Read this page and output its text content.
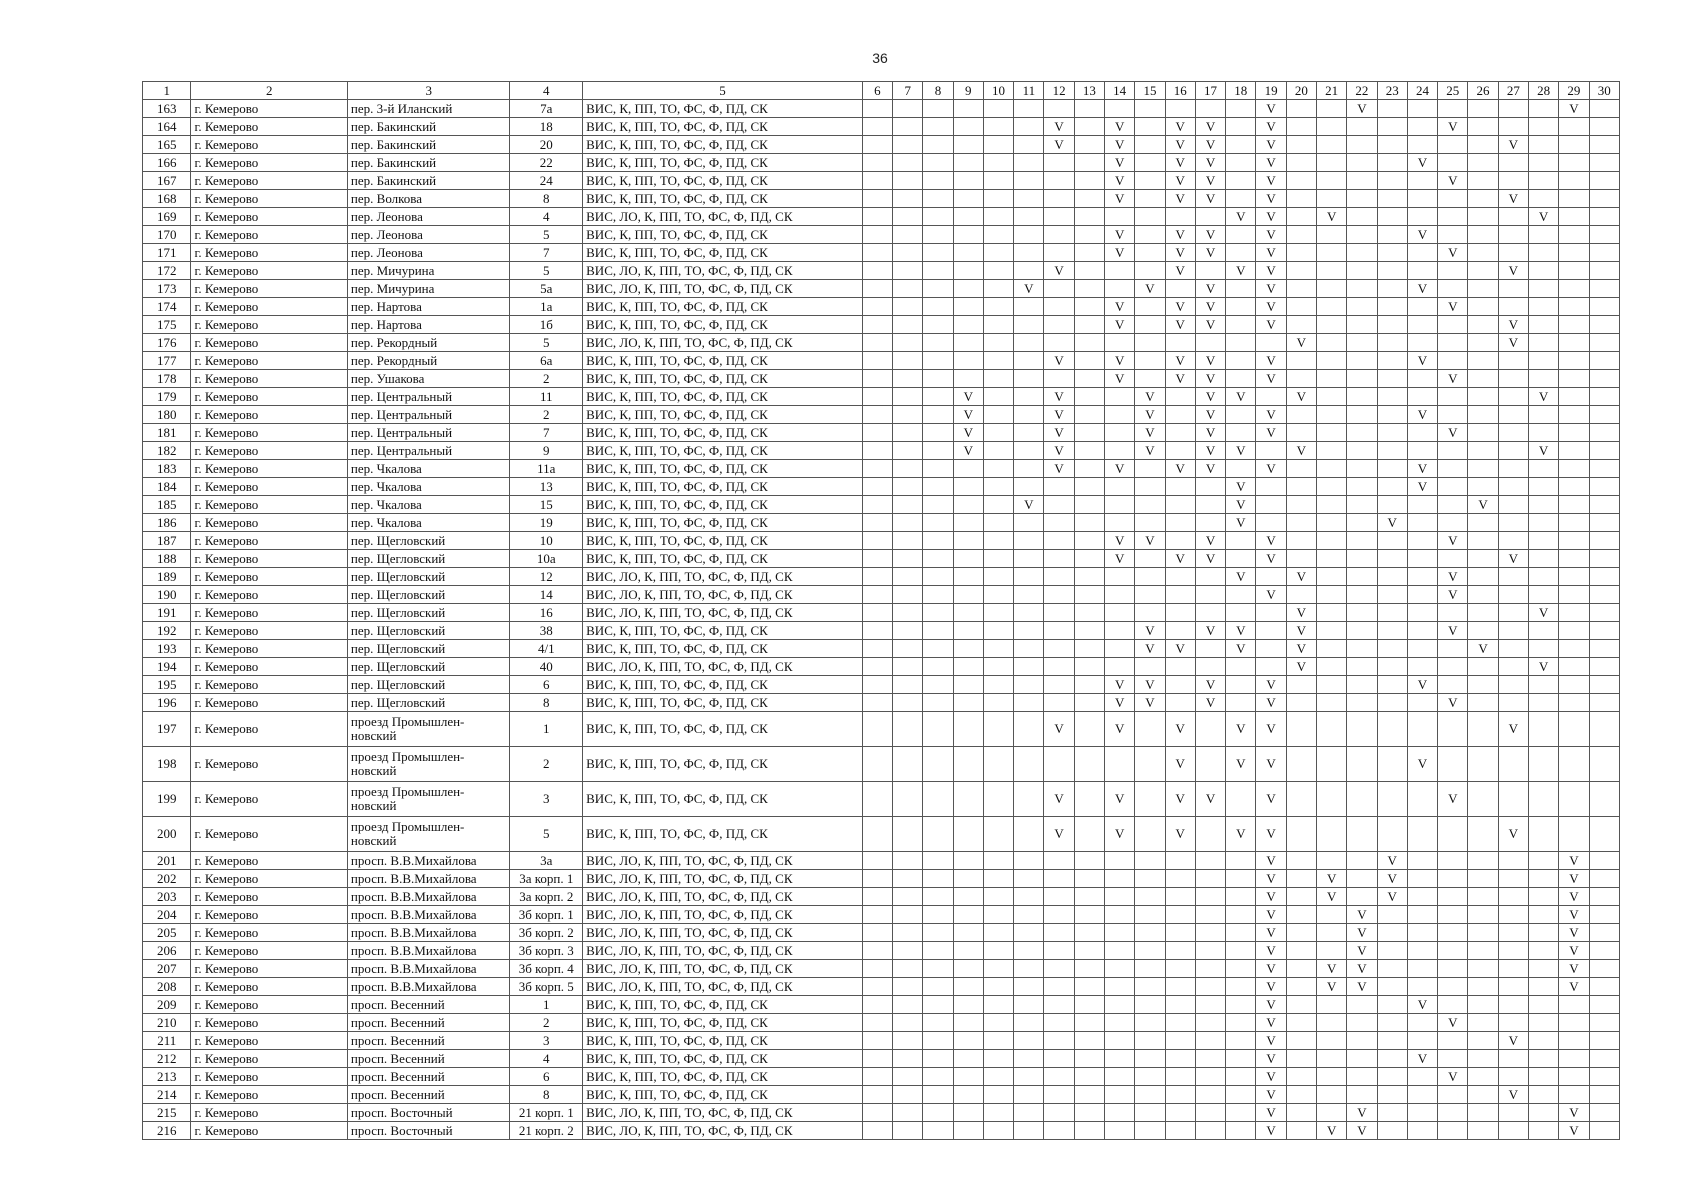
36
1	2	3	4	5	6	7	8	9	10	11	12	13	14	15	16	17	18	19	20	21	22	23	24	25	26	27	28	29	30
163	г. Кемерово	пер. 3-й Иланский	7а	ВИС, К, ПП, ТО, ФС, Ф, ПД, СК														V			V							V	
164	г. Кемерово	пер. Бакинский	18	ВИС, К, ПП, ТО, ФС, Ф, ПД, СК							V		V		V	V		V						V					
165	г. Кемерово	пер. Бакинский	20	ВИС, К, ПП, ТО, ФС, Ф, ПД, СК							V		V		V	V		V								V			
166	г. Кемерово	пер. Бакинский	22	ВИС, К, ПП, ТО, ФС, Ф, ПД, СК									V		V	V		V					V						
167	г. Кемерово	пер. Бакинский	24	ВИС, К, ПП, ТО, ФС, Ф, ПД, СК									V		V	V		V						V					
168	г. Кемерово	пер. Волкова	8	ВИС, К, ПП, ТО, ФС, Ф, ПД, СК									V		V	V		V								V			
169	г. Кемерово	пер. Леонова	4	ВИС, ЛО, К, ПП, ТО, ФС, Ф, ПД, СК													V	V		V							V		
170	г. Кемерово	пер. Леонова	5	ВИС, К, ПП, ТО, ФС, Ф, ПД, СК									V		V	V		V					V						
171	г. Кемерово	пер. Леонова	7	ВИС, К, ПП, ТО, ФС, Ф, ПД, СК									V		V	V		V						V					
172	г. Кемерово	пер. Мичурина	5	ВИС, ЛО, К, ПП, ТО, ФС, Ф, ПД, СК							V				V		V	V								V			
173	г. Кемерово	пер. Мичурина	5а	ВИС, ЛО, К, ПП, ТО, ФС, Ф, ПД, СК						V				V		V		V					V						
174	г. Кемерово	пер. Нартова	1а	ВИС, К, ПП, ТО, ФС, Ф, ПД, СК									V		V	V		V						V					
175	г. Кемерово	пер. Нартова	1б	ВИС, К, ПП, ТО, ФС, Ф, ПД, СК									V		V	V		V								V			
176	г. Кемерово	пер. Рекордный	5	ВИС, ЛО, К, ПП, ТО, ФС, Ф, ПД, СК															V							V			
177	г. Кемерово	пер. Рекордный	6а	ВИС, К, ПП, ТО, ФС, Ф, ПД, СК							V		V		V	V		V					V						
178	г. Кемерово	пер. Ушакова	2	ВИС, К, ПП, ТО, ФС, Ф, ПД, СК									V		V	V		V						V					
179	г. Кемерово	пер. Центральный	11	ВИС, К, ПП, ТО, ФС, Ф, ПД, СК				V			V			V		V	V		V								V		
180	г. Кемерово	пер. Центральный	2	ВИС, К, ПП, ТО, ФС, Ф, ПД, СК				V			V			V		V		V					V						
181	г. Кемерово	пер. Центральный	7	ВИС, К, ПП, ТО, ФС, Ф, ПД, СК				V			V			V		V		V						V					
182	г. Кемерово	пер. Центральный	9	ВИС, К, ПП, ТО, ФС, Ф, ПД, СК				V			V			V		V	V		V								V		
183	г. Кемерово	пер. Чкалова	11а	ВИС, К, ПП, ТО, ФС, Ф, ПД, СК							V		V		V	V		V					V						
184	г. Кемерово	пер. Чкалова	13	ВИС, К, ПП, ТО, ФС, Ф, ПД, СК													V						V						
185	г. Кемерово	пер. Чкалова	15	ВИС, К, ПП, ТО, ФС, Ф, ПД, СК						V							V								V				
186	г. Кемерово	пер. Чкалова	19	ВИС, К, ПП, ТО, ФС, Ф, ПД, СК													V					V							
187	г. Кемерово	пер. Щегловский	10	ВИС, К, ПП, ТО, ФС, Ф, ПД, СК									V	V		V		V						V					
188	г. Кемерово	пер. Щегловский	10а	ВИС, К, ПП, ТО, ФС, Ф, ПД, СК									V		V	V		V								V			
189	г. Кемерово	пер. Щегловский	12	ВИС, ЛО, К, ПП, ТО, ФС, Ф, ПД, СК													V		V					V					
190	г. Кемерово	пер. Щегловский	14	ВИС, ЛО, К, ПП, ТО, ФС, Ф, ПД, СК														V						V					
191	г. Кемерово	пер. Щегловский	16	ВИС, ЛО, К, ПП, ТО, ФС, Ф, ПД, СК															V								V		
192	г. Кемерово	пер. Щегловский	38	ВИС, К, ПП, ТО, ФС, Ф, ПД, СК										V		V	V		V					V					
193	г. Кемерово	пер. Щегловский	4/1	ВИС, К, ПП, ТО, ФС, Ф, ПД, СК										V	V		V		V						V				
194	г. Кемерово	пер. Щегловский	40	ВИС, ЛО, К, ПП, ТО, ФС, Ф, ПД, СК															V								V		
195	г. Кемерово	пер. Щегловский	6	ВИС, К, ПП, ТО, ФС, Ф, ПД, СК									V	V		V		V					V						
196	г. Кемерово	пер. Щегловский	8	ВИС, К, ПП, ТО, ФС, Ф, ПД, СК									V	V		V		V						V					
197	г. Кемерово	проезд Промышлен-новский	1	ВИС, К, ПП, ТО, ФС, Ф, ПД, СК							V		V		V		V	V								V			
198	г. Кемерово	проезд Промышлен-новский	2	ВИС, К, ПП, ТО, ФС, Ф, ПД, СК											V		V	V					V						
199	г. Кемерово	проезд Промышлен-новский	3	ВИС, К, ПП, ТО, ФС, Ф, ПД, СК							V		V		V	V		V						V					
200	г. Кемерово	проезд Промышлен-новский	5	ВИС, К, ПП, ТО, ФС, Ф, ПД, СК							V		V		V		V	V								V			
201	г. Кемерово	просп. В.В.Михайлова	3а	ВИС, ЛО, К, ПП, ТО, ФС, Ф, ПД, СК														V				V						V	
202	г. Кемерово	просп. В.В.Михайлова	3а корп. 1	ВИС, ЛО, К, ПП, ТО, ФС, Ф, ПД, СК														V		V		V						V	
203	г. Кемерово	просп. В.В.Михайлова	3а корп. 2	ВИС, ЛО, К, ПП, ТО, ФС, Ф, ПД, СК														V		V		V						V	
204	г. Кемерово	просп. В.В.Михайлова	3б корп. 1	ВИС, ЛО, К, ПП, ТО, ФС, Ф, ПД, СК														V			V							V	
205	г. Кемерово	просп. В.В.Михайлова	3б корп. 2	ВИС, ЛО, К, ПП, ТО, ФС, Ф, ПД, СК														V			V							V	
206	г. Кемерово	просп. В.В.Михайлова	3б корп. 3	ВИС, ЛО, К, ПП, ТО, ФС, Ф, ПД, СК														V			V							V	
207	г. Кемерово	просп. В.В.Михайлова	3б корп. 4	ВИС, ЛО, К, ПП, ТО, ФС, Ф, ПД, СК														V		V	V							V	
208	г. Кемерово	просп. В.В.Михайлова	3б корп. 5	ВИС, ЛО, К, ПП, ТО, ФС, Ф, ПД, СК														V		V	V							V	
209	г. Кемерово	просп. Весенний	1	ВИС, К, ПП, ТО, ФС, Ф, ПД, СК														V					V						
210	г. Кемерово	просп. Весенний	2	ВИС, К, ПП, ТО, ФС, Ф, ПД, СК														V						V					
211	г. Кемерово	просп. Весенний	3	ВИС, К, ПП, ТО, ФС, Ф, ПД, СК														V								V			
212	г. Кемерово	просп. Весенний	4	ВИС, К, ПП, ТО, ФС, Ф, ПД, СК														V					V						
213	г. Кемерово	просп. Весенний	6	ВИС, К, ПП, ТО, ФС, Ф, ПД, СК														V						V					
214	г. Кемерово	просп. Весенний	8	ВИС, К, ПП, ТО, ФС, Ф, ПД, СК														V								V			
215	г. Кемерово	просп. Восточный	21 корп. 1	ВИС, ЛО, К, ПП, ТО, ФС, Ф, ПД, СК														V			V							V	
216	г. Кемерово	просп. Восточный	21 корп. 2	ВИС, ЛО, К, ПП, ТО, ФС, Ф, ПД, СК														V		V	V							V	
